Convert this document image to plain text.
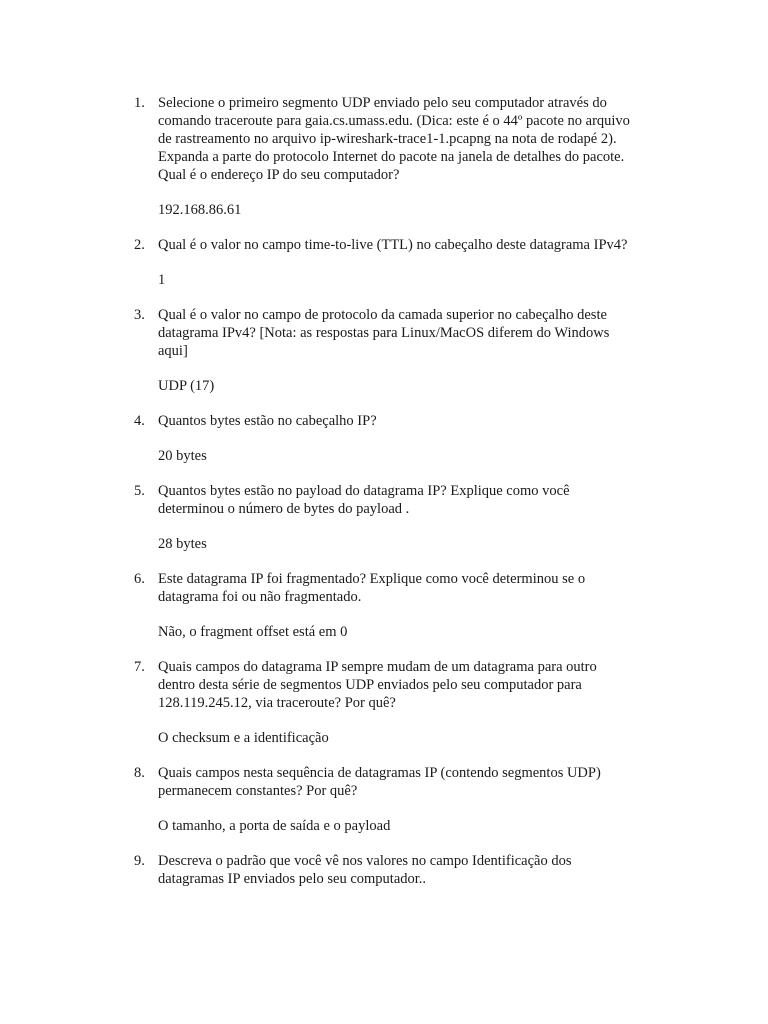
1. Selecione o primeiro segmento UDP enviado pelo seu computador através do
comando traceroute para gaia.cs.umass.edu. (Dica: este é o 44º pacote no arquivo
de rastreamento no arquivo ip-wireshark-trace1-1.pcapng na nota de rodapé 2).
Expanda a parte do protocolo Internet do pacote na janela de detalhes do pacote.
Qual é o endereço IP do seu computador?

192.168.86.61

2. Qual é o valor no campo time-to-live (TTL) no cabeçalho deste datagrama IPv4?

1

3. Qual é o valor no campo de protocolo da camada superior no cabeçalho deste
datagrama IPv4? [Nota: as respostas para Linux/MacOS diferem do Windows
aqui]

UDP (17)

4. Quantos bytes estão no cabeçalho IP?

20 bytes

5. Quantos bytes estão no payload do datagrama IP? Explique como você
determinou o número de bytes do payload .

28 bytes

6. Este datagrama IP foi fragmentado? Explique como você determinou se o
datagrama foi ou não fragmentado.

Não, o fragment offset está em 0

7. Quais campos do datagrama IP sempre mudam de um datagrama para outro
dentro desta série de segmentos UDP enviados pelo seu computador para
128.119.245.12, via traceroute? Por quê?

O checksum e a identificação

8. Quais campos nesta sequência de datagramas IP (contendo segmentos UDP)
permanecem constantes? Por quê?

O tamanho, a porta de saída e o payload

9. Descreva o padrão que você vê nos valores no campo Identificação dos
datagramas IP enviados pelo seu computador..
